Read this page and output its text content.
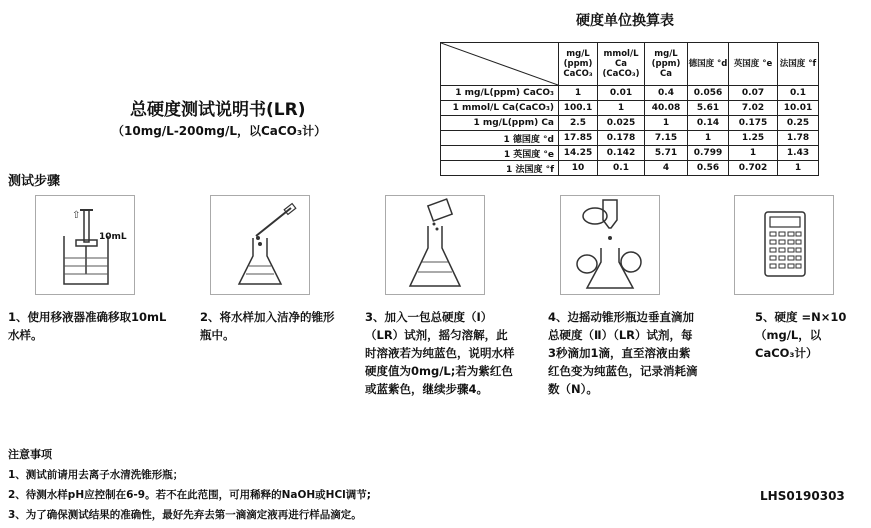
硬度单位换算表
	mg/L (ppm) CaCO₃	mmol/L Ca (CaCO₃)	mg/L (ppm) Ca	德国度 °d	英国度 °e	法国度 °f
1 mg/L(ppm) CaCO₃	1	0.01	0.4	0.056	0.07	0.1
1 mmol/L Ca(CaCO₃)	100.1	1	40.08	5.61	7.02	10.01
1 mg/L(ppm) Ca	2.5	0.025	1	0.14	0.175	0.25
1 德国度 °d	17.85	0.178	7.15	1	1.25	1.78
1 英国度 °e	14.25	0.142	5.71	0.799	1	1.43
1 法国度 °f	10	0.1	4	0.56	0.702	1
总硬度测试说明书(LR)
（10mg/L-200mg/L，以CaCO₃计）
测试步骤
⇧
10mL
1、使用移液器准确移取10mL水样。
2、将水样加入洁净的锥形瓶中。
3、加入一包总硬度（Ⅰ）（LR）试剂，摇匀溶解，此时溶液若为纯蓝色，说明水样硬度值为0mg/L;若为紫红色或蓝紫色，继续步骤4。
4、边摇动锥形瓶边垂直滴加总硬度（Ⅱ）（LR）试剂，每3秒滴加1滴，直至溶液由紫红色变为纯蓝色，记录消耗滴数（N）。
5、硬度 =N×10 （mg/L，以CaCO₃计）
注意事项
1、测试前请用去离子水清洗锥形瓶；
2、待测水样pH应控制在6-9。若不在此范围，可用稀释的NaOH或HCl调节;
3、为了确保测试结果的准确性，最好先弃去第一滴滴定液再进行样品滴定。
LHS0190303
